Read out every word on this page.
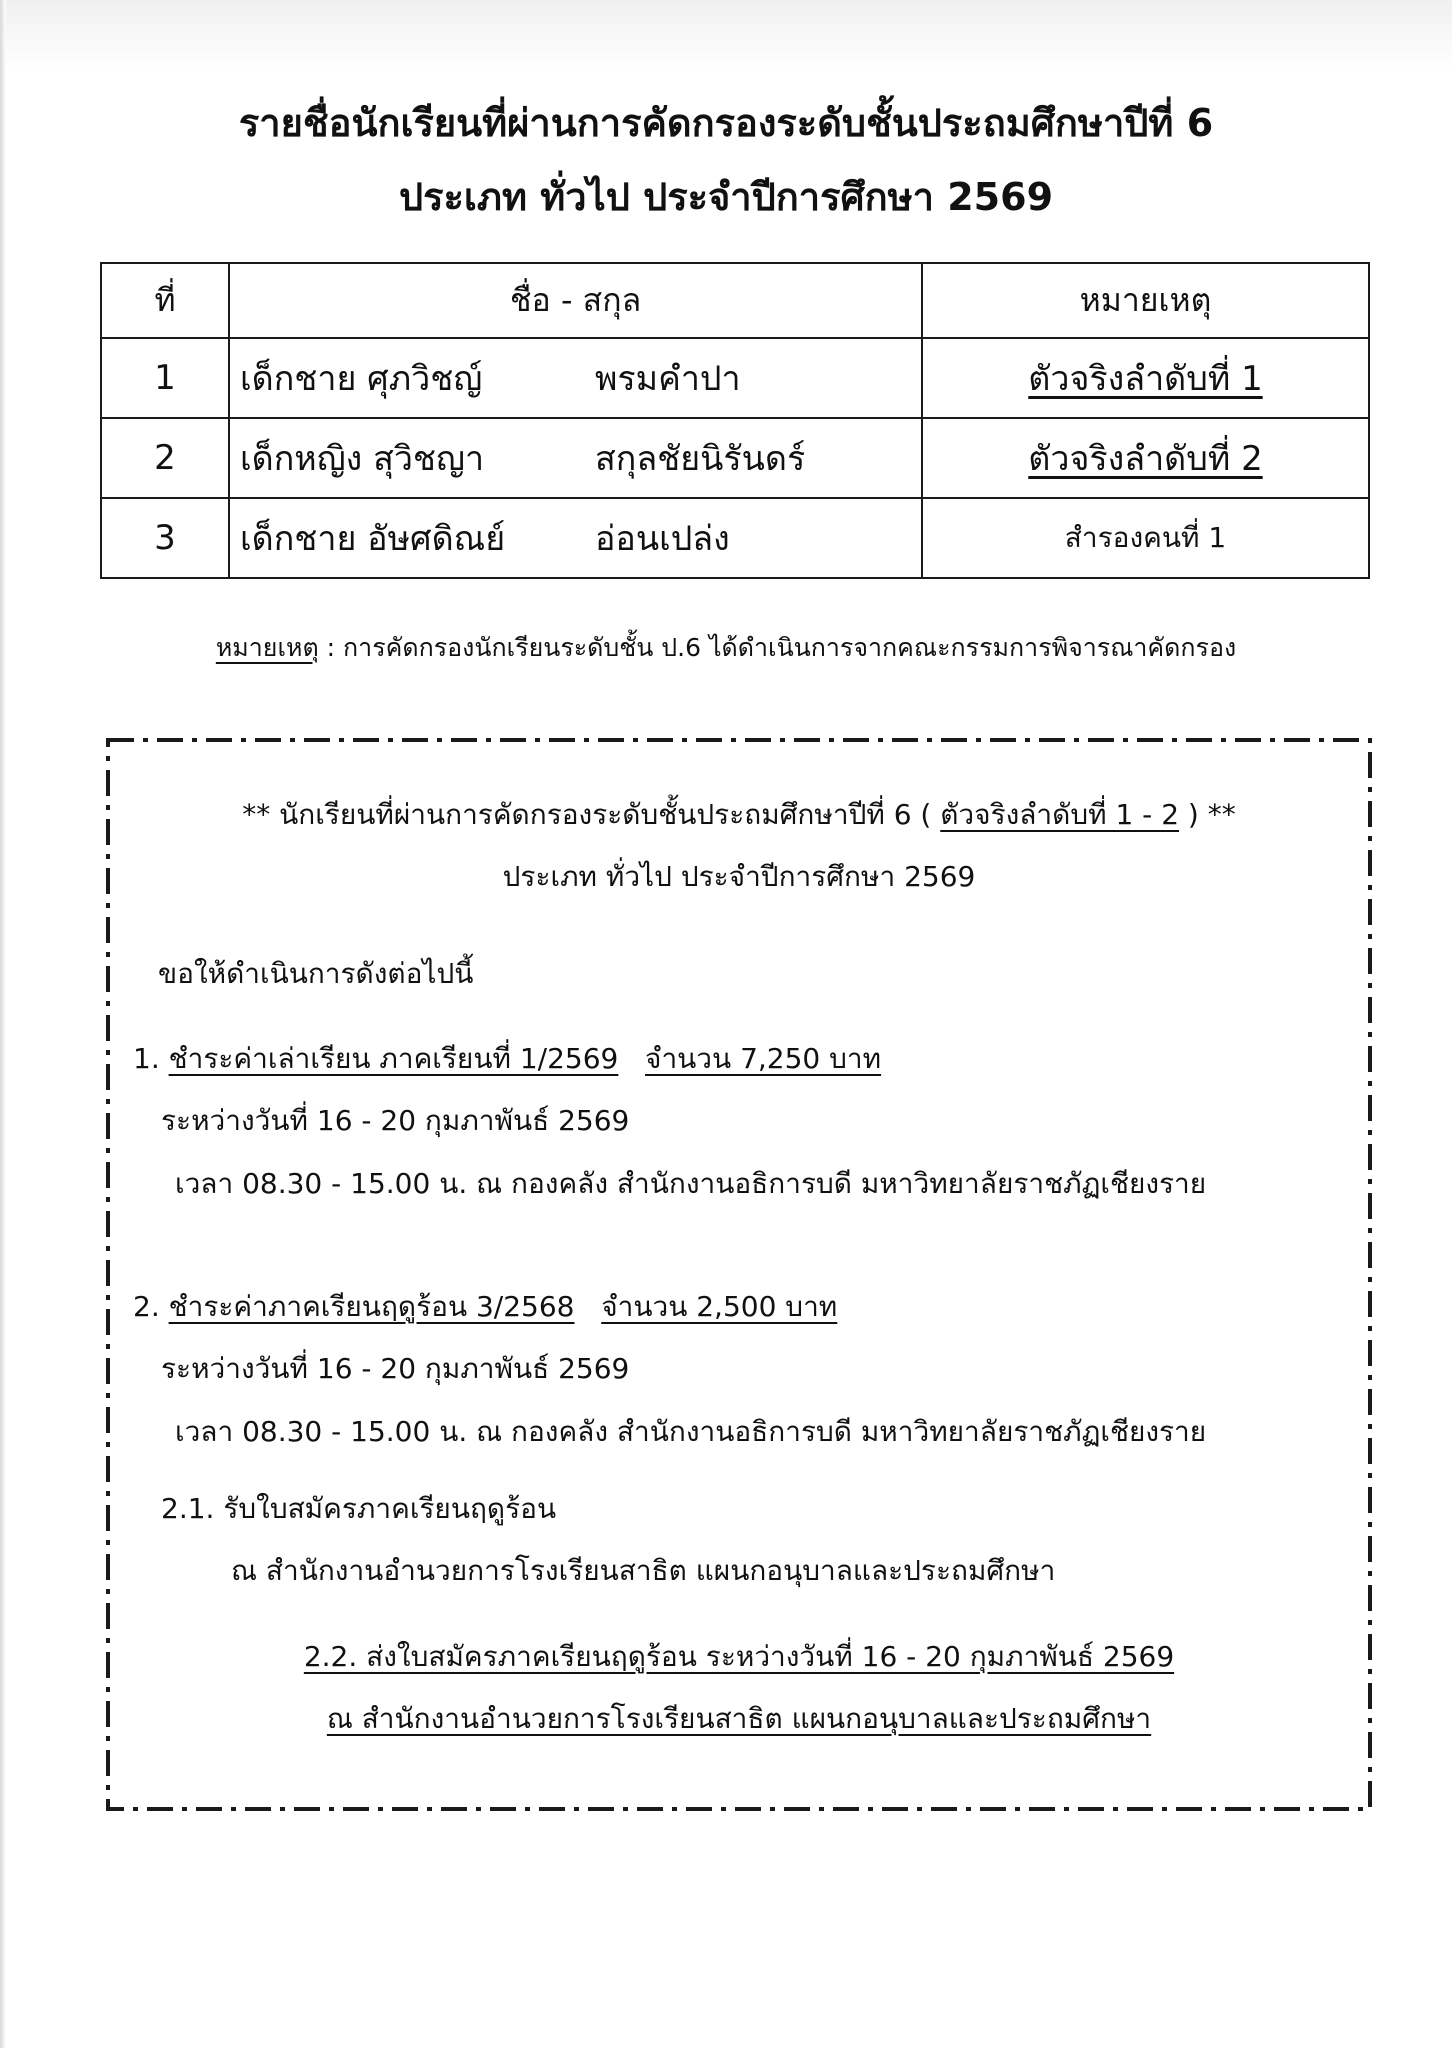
รายชื่อนักเรียนที่ผ่านการคัดกรองระดับชั้นประถมศึกษาปีที่ 6
ประเภท ทั่วไป ประจำปีการศึกษา 2569
ที่	ชื่อ - สกุล	หมายเหตุ
1	เด็กชาย ศุภวิชญ์ พรมคำปา	ตัวจริงลำดับที่ 1
2	เด็กหญิง สุวิชญา สกุลชัยนิรันดร์	ตัวจริงลำดับที่ 2
3	เด็กชาย อัษศดิณย์ อ่อนเปล่ง	สำรองคนที่ 1
หมายเหตุ : การคัดกรองนักเรียนระดับชั้น ป.6 ได้ดำเนินการจากคณะกรรมการพิจารณาคัดกรอง
** นักเรียนที่ผ่านการคัดกรองระดับชั้นประถมศึกษาปีที่ 6 ( ตัวจริงลำดับที่ 1 - 2 ) **
ประเภท ทั่วไป ประจำปีการศึกษา 2569
ขอให้ดำเนินการดังต่อไปนี้
1. ชำระค่าเล่าเรียน ภาคเรียนที่ 1/2569 จำนวน 7,250 บาท
ระหว่างวันที่ 16 - 20 กุมภาพันธ์ 2569
เวลา 08.30 - 15.00 น. ณ กองคลัง สำนักงานอธิการบดี มหาวิทยาลัยราชภัฏเชียงราย
2. ชำระค่าภาคเรียนฤดูร้อน 3/2568 จำนวน 2,500 บาท
ระหว่างวันที่ 16 - 20 กุมภาพันธ์ 2569
เวลา 08.30 - 15.00 น. ณ กองคลัง สำนักงานอธิการบดี มหาวิทยาลัยราชภัฏเชียงราย
2.1. รับใบสมัครภาคเรียนฤดูร้อน
ณ สำนักงานอำนวยการโรงเรียนสาธิต แผนกอนุบาลและประถมศึกษา
2.2. ส่งใบสมัครภาคเรียนฤดูร้อน ระหว่างวันที่ 16 - 20 กุมภาพันธ์ 2569
ณ สำนักงานอำนวยการโรงเรียนสาธิต แผนกอนุบาลและประถมศึกษา
